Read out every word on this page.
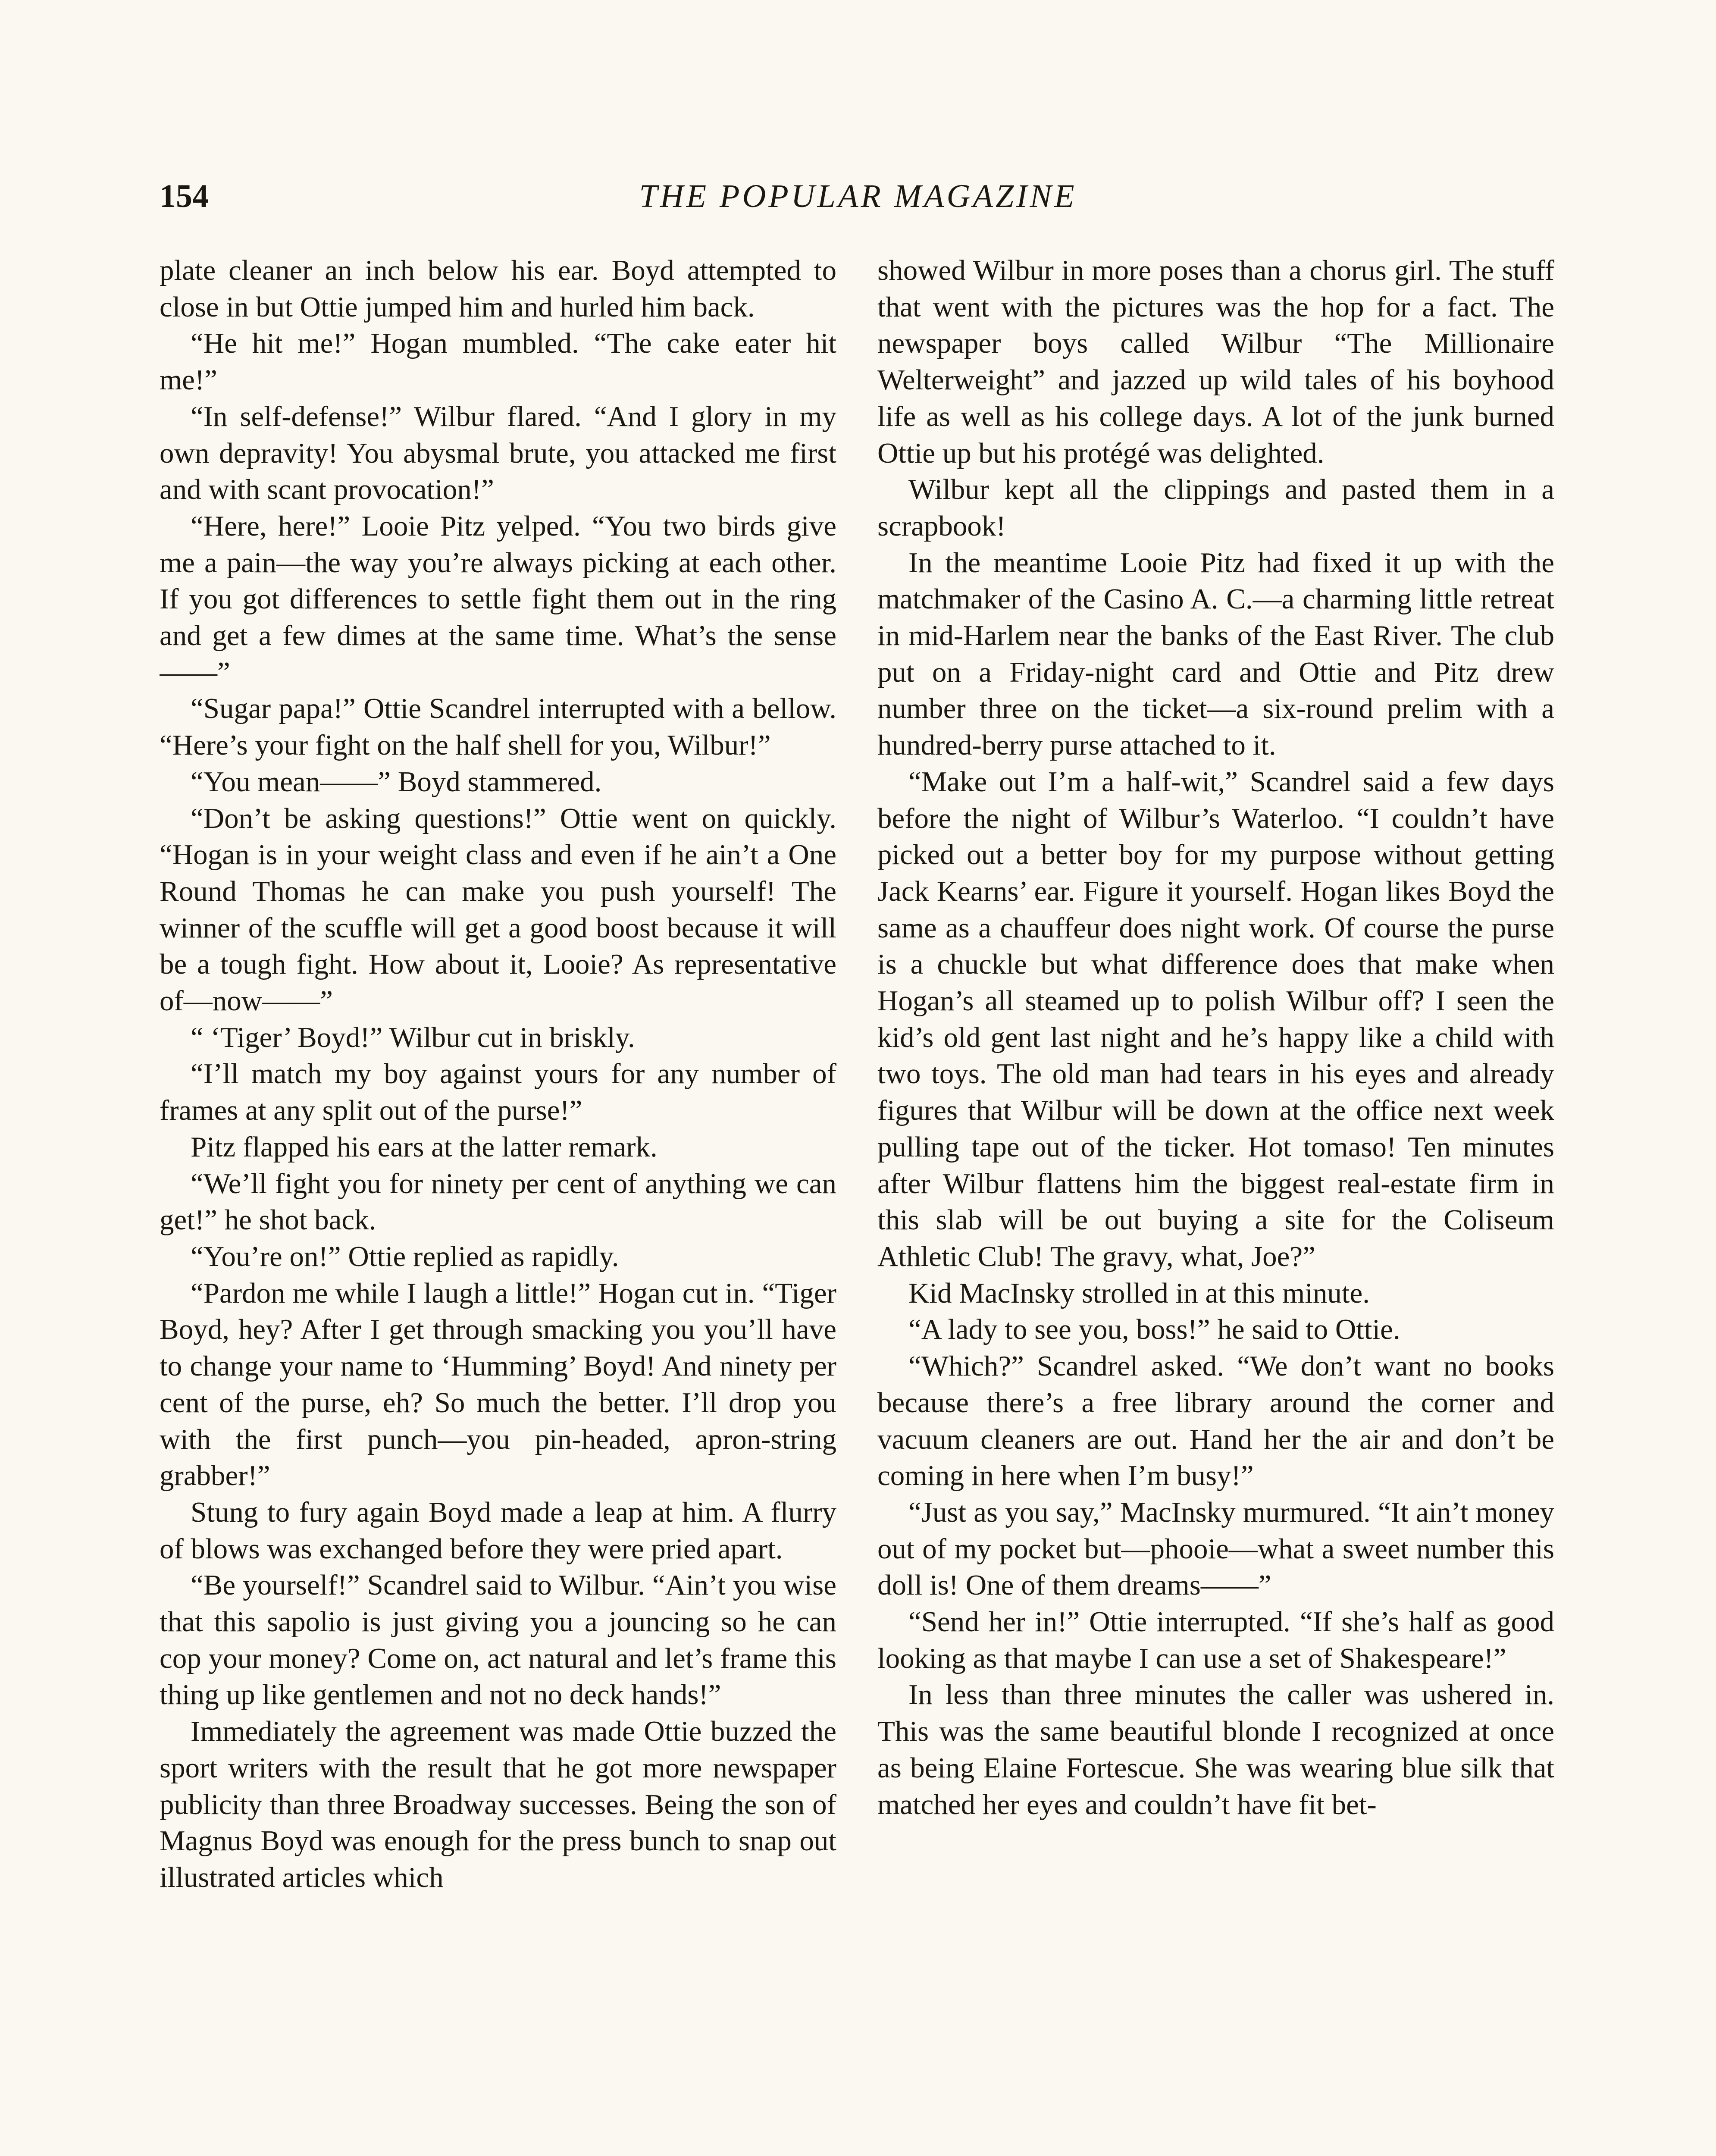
154	THE POPULAR MAGAZINE

plate cleaner an inch below his ear. Boyd attempted to close in but Ottie jumped him and hurled him back.

“He hit me!” Hogan mumbled. “The cake eater hit me!”

“In self-defense!” Wilbur flared. “And I glory in my own depravity! You abysmal brute, you attacked me first and with scant provocation!”

“Here, here!” Looie Pitz yelped. “You two birds give me a pain—the way you’re always picking at each other. If you got differences to settle fight them out in the ring and get a few dimes at the same time. What’s the sense——”

“Sugar papa!” Ottie Scandrel interrupted with a bellow. “Here’s your fight on the half shell for you, Wilbur!”

“You mean——” Boyd stammered.

“Don’t be asking questions!” Ottie went on quickly. “Hogan is in your weight class and even if he ain’t a One Round Thomas he can make you push yourself! The winner of the scuffle will get a good boost because it will be a tough fight. How about it, Looie? As representative of—now——”

“ ‘Tiger’ Boyd!” Wilbur cut in briskly.

“I’ll match my boy against yours for any number of frames at any split out of the purse!”

Pitz flapped his ears at the latter remark.

“We’ll fight you for ninety per cent of anything we can get!” he shot back.

“You’re on!” Ottie replied as rapidly.

“Pardon me while I laugh a little!” Hogan cut in. “Tiger Boyd, hey? After I get through smacking you you’ll have to change your name to ‘Humming’ Boyd! And ninety per cent of the purse, eh? So much the better. I’ll drop you with the first punch—you pin-headed, apron-string grabber!”

Stung to fury again Boyd made a leap at him. A flurry of blows was exchanged before they were pried apart.

“Be yourself!” Scandrel said to Wilbur. “Ain’t you wise that this sapolio is just giving you a jouncing so he can cop your money? Come on, act natural and let’s frame this thing up like gentlemen and not no deck hands!”

Immediately the agreement was made Ottie buzzed the sport writers with the result that he got more newspaper publicity than three Broadway successes. Being the son of Magnus Boyd was enough for the press bunch to snap out illustrated articles which

showed Wilbur in more poses than a chorus girl. The stuff that went with the pictures was the hop for a fact. The newspaper boys called Wilbur “The Millionaire Welterweight” and jazzed up wild tales of his boyhood life as well as his college days. A lot of the junk burned Ottie up but his protégé was delighted.

Wilbur kept all the clippings and pasted them in a scrapbook!

In the meantime Looie Pitz had fixed it up with the matchmaker of the Casino A. C.—a charming little retreat in mid-Harlem near the banks of the East River. The club put on a Friday-night card and Ottie and Pitz drew number three on the ticket—a six-round prelim with a hundred-berry purse attached to it.

“Make out I’m a half-wit,” Scandrel said a few days before the night of Wilbur’s Waterloo. “I couldn’t have picked out a better boy for my purpose without getting Jack Kearns’ ear. Figure it yourself. Hogan likes Boyd the same as a chauffeur does night work. Of course the purse is a chuckle but what difference does that make when Hogan’s all steamed up to polish Wilbur off? I seen the kid’s old gent last night and he’s happy like a child with two toys. The old man had tears in his eyes and already figures that Wilbur will be down at the office next week pulling tape out of the ticker. Hot tomaso! Ten minutes after Wilbur flattens him the biggest real-estate firm in this slab will be out buying a site for the Coliseum Athletic Club! The gravy, what, Joe?”

Kid MacInsky strolled in at this minute.

“A lady to see you, boss!” he said to Ottie.

“Which?” Scandrel asked. “We don’t want no books because there’s a free library around the corner and vacuum cleaners are out. Hand her the air and don’t be coming in here when I’m busy!”

“Just as you say,” MacInsky murmured. “It ain’t money out of my pocket but—phooie—what a sweet number this doll is! One of them dreams——”

“Send her in!” Ottie interrupted. “If she’s half as good looking as that maybe I can use a set of Shakespeare!”

In less than three minutes the caller was ushered in. This was the same beautiful blonde I recognized at once as being Elaine Fortescue. She was wearing blue silk that matched her eyes and couldn’t have fit bet-
